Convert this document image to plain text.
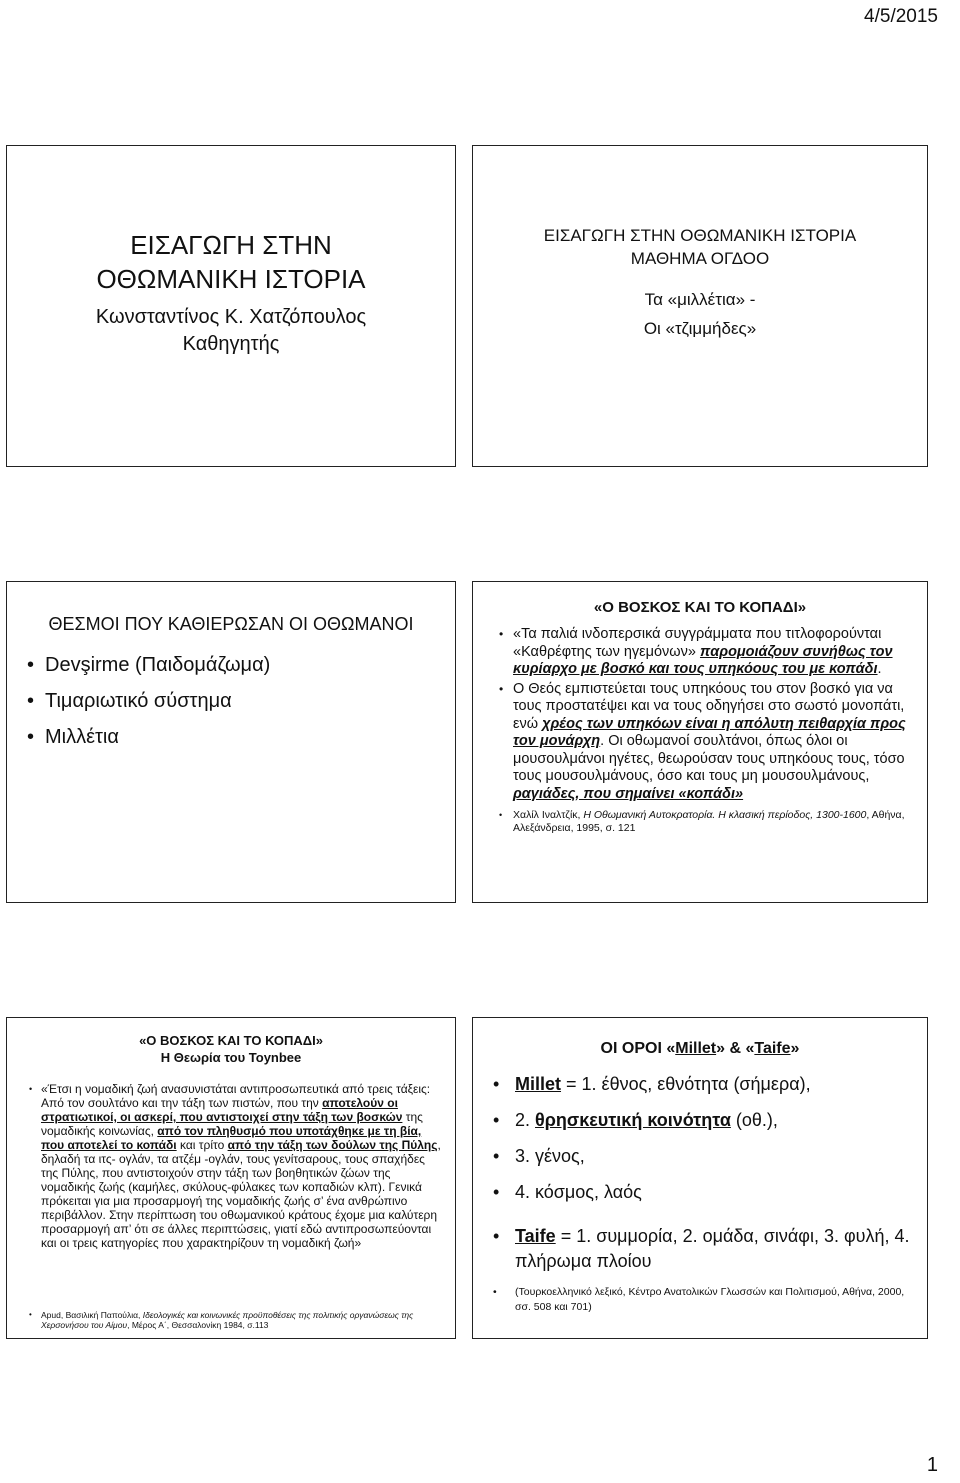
4/5/2015
ΕΙΣΑΓΩΓΗ ΣΤΗΝ
ΟΘΩΜΑΝΙΚΗ ΙΣΤΟΡΙΑ
Κωνσταντίνος Κ. Χατζόπουλος
Καθηγητής
ΕΙΣΑΓΩΓΗ ΣΤΗΝ ΟΘΩΜΑΝΙΚΗ ΙΣΤΟΡΙΑ
ΜΑΘΗΜΑ ΟΓΔΟΟ
Τα «μιλλέτια» -
Οι «τζιμμήδες»
ΘΕΣΜΟΙ ΠΟΥ ΚΑΘΙΕΡΩΣΑΝ ΟΙ ΟΘΩΜΑΝΟΙ
• Devşirme (Παιδομάζωμα)
• Τιμαριωτικό σύστημα
• Μιλλέτια
«Ο ΒΟΣΚΟΣ ΚΑΙ ΤΟ ΚΟΠΑΔΙ»
• «Τα παλιά ινδοπερσικά συγγράμματα που τιτλοφορούνται «Καθρέφτης των ηγεμόνων» παρομοιάζουν συνήθως τον κυρίαρχο με βοσκό και τους υπηκόους του με κοπάδι.
• Ο Θεός εμπιστεύεται τους υπηκόους του στον βοσκό για να τους προστατέψει και να τους οδηγήσει στο σωστό μονοπάτι, ενώ χρέος των υπηκόων είναι η απόλυτη πειθαρχία προς τον μονάρχη. Οι οθωμανοί σουλτάνοι, όπως όλοι οι μουσουλμάνοι ηγέτες, θεωρούσαν τους υπηκόους τους, τόσο τους μουσουλμάνους, όσο και τους μη μουσουλμάνους, ραγιάδες, που σημαίνει «κοπάδι»
• Χαλίλ Ιναλτζίκ, Η Οθωμανική Αυτοκρατορία. Η κλασική περίοδος, 1300-1600, Αθήνα, Αλεξάνδρεια, 1995, σ. 121
«Ο ΒΟΣΚΟΣ ΚΑΙ ΤΟ ΚΟΠΑΔΙ»
Η Θεωρία του Toynbee
• «Έτσι η νομαδική ζωή ανασυνιστάται αντιπροσωπευτικά από τρεις τάξεις: Από τον σουλτάνο και την τάξη των πιστών, που την αποτελούν οι στρατιωτικοί, οι ασκερί, που αντιστοιχεί στην τάξη των βοσκών της νομαδικής κοινωνίας, από τον πληθυσμό που υποτάχθηκε με τη βία, που αποτελεί το κοπάδι και τρίτο από την τάξη των δούλων της Πύλης, δηλαδή τα ιτς- ογλάν, τα ατζέμ -ογλάν, τους γενίτσαρους, τους σπαχήδες της Πύλης, που αντιστοιχούν στην τάξη των βοηθητικών ζώων της νομαδικής ζωής (καμήλες, σκύλους-φύλακες των κοπαδιών κλπ). Γενικά πρόκειται για μια προσαρμογή της νομαδικής ζωής σ’ ένα ανθρώπινο περιβάλλον. Στην περίπτωση του οθωμανικού κράτους έχομε μια καλύτερη προσαρμογή απ’ ότι σε άλλες περιπτώσεις, γιατί εδώ αντιπροσωπεύονται και οι τρεις κατηγορίες που χαρακτηρίζουν τη νομαδική ζωή»
• Apud, Βασιλική Παπούλια, Ιδεολογικές και κοινωνικές προϋποθέσεις της πολιτικής οργανώσεως της Χερσονήσου του Αίμου, Μέρος Α΄, Θεσσαλονίκη 1984, σ.113
ΟΙ ΟΡΟΙ «Millet» & «Taife»
• Millet = 1. έθνος, εθνότητα (σήμερα),
• 2. θρησκευτική κοινότητα (οθ.),
• 3. γένος,
• 4. κόσμος, λαός
• Taife = 1. συμμορία, 2. ομάδα, σινάφι, 3. φυλή, 4. πλήρωμα πλοίου
• (Τουρκοελληνικό λεξικό, Κέντρο Ανατολικών Γλωσσών και Πολιτισμού, Αθήνα, 2000, σσ. 508 και 701)
1
